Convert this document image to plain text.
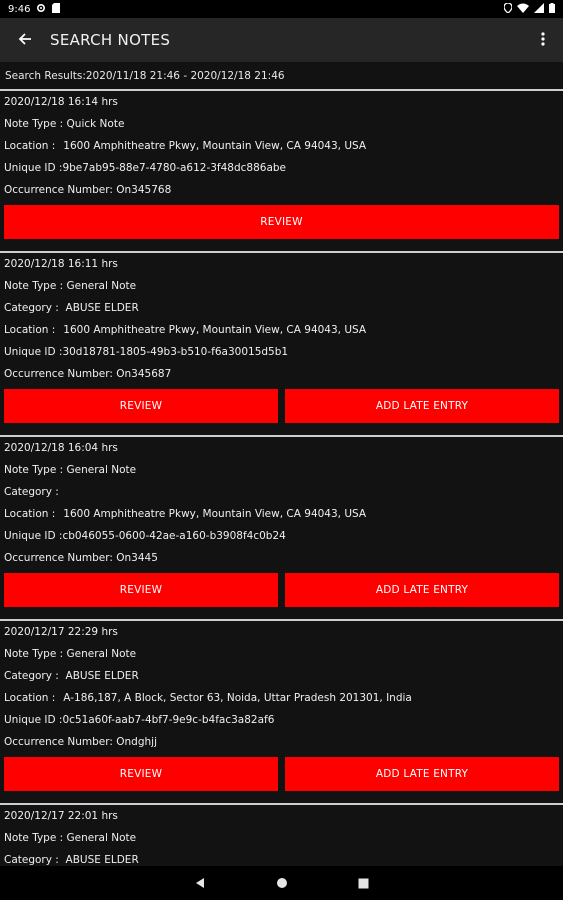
9:46
SEARCH NOTES
Search Results:2020/11/18 21:46 - 2020/12/18 21:46
2020/12/18 16:14 hrs
Note Type :
Quick Note
Location : 1600 Amphitheatre Pkwy, Mountain View, CA 94043, USA
Unique ID : 9be7ab95-88e7-4780-a612-3f48dc886abe
Occurrence Number:
On345768
REVIEW
2020/12/18 16:11 hrs
Note Type :
General Note
Category :
ABUSE ELDER
Location : 1600 Amphitheatre Pkwy, Mountain View, CA 94043, USA
Unique ID : 30d18781-1805-49b3-b510-f6a30015d5b1
Occurrence Number:
On345687
REVIEW	ADD LATE ENTRY
2020/12/18 16:04 hrs
Note Type :
General Note
Category :

Location : 1600 Amphitheatre Pkwy, Mountain View, CA 94043, USA
Unique ID : cb046055-0600-42ae-a160-b3908f4c0b24
Occurrence Number:
On3445
REVIEW	ADD LATE ENTRY
2020/12/17 22:29 hrs
Note Type :
General Note
Category :
ABUSE ELDER
Location : A-186,187, A Block, Sector 63, Noida, Uttar Pradesh 201301, India
Unique ID : 0c51a60f-aab7-4bf7-9e9c-b4fac3a82af6
Occurrence Number:
Ondghjj
REVIEW	ADD LATE ENTRY
2020/12/17 22:01 hrs
Note Type :
General Note
Category :
ABUSE ELDER
